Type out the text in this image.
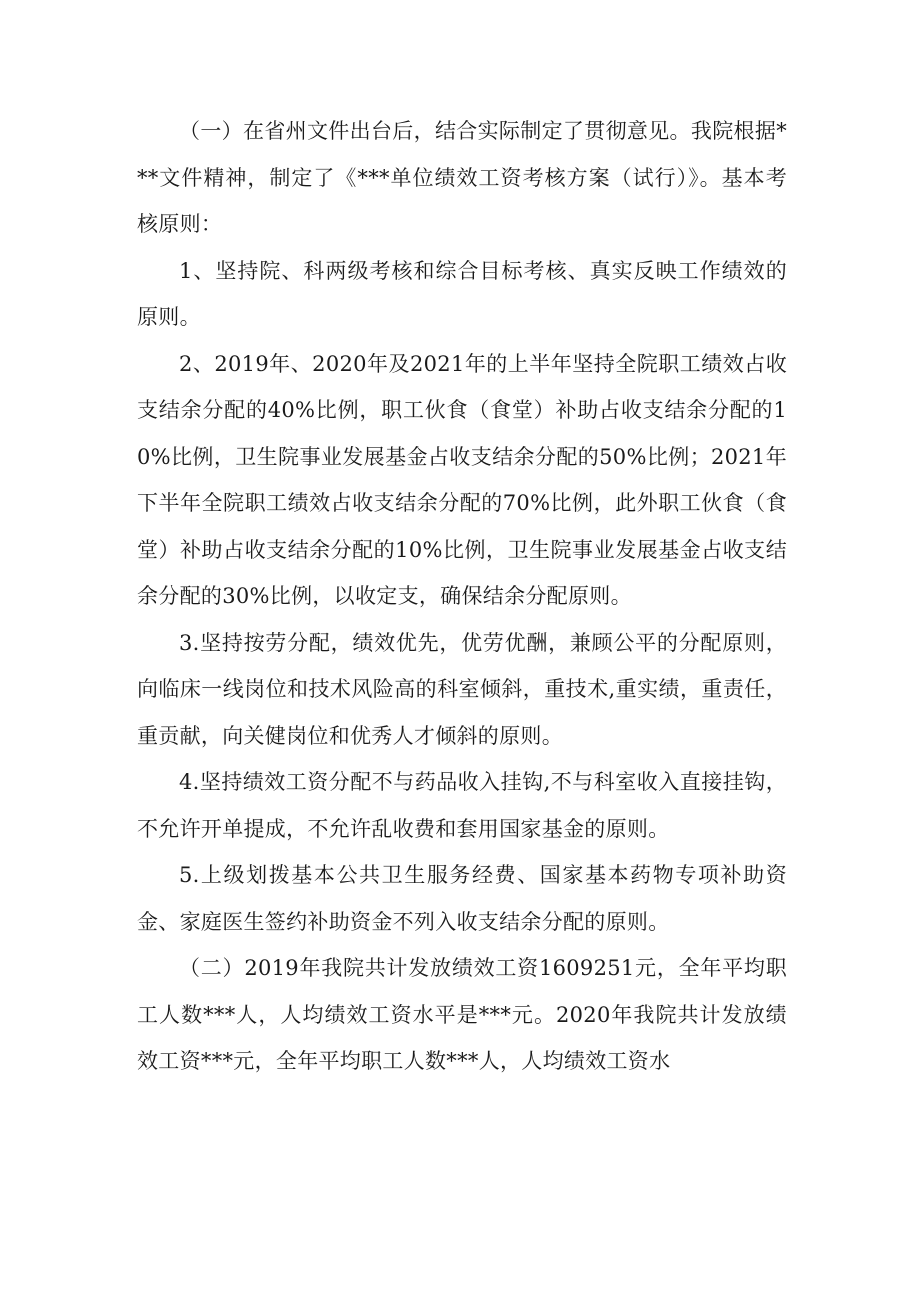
（一）在省州文件出台后，结合实际制定了贯彻意见。我院根据***文件精神，制定了《***单位绩效工资考核方案（试行）》。基本考核原则：

1、坚持院、科两级考核和综合目标考核、真实反映工作绩效的原则。

2、2019年、2020年及2021年的上半年坚持全院职工绩效占收支结余分配的40%比例，职工伙食（食堂）补助占收支结余分配的10%比例，卫生院事业发展基金占收支结余分配的50%比例；2021年下半年全院职工绩效占收支结余分配的70%比例，此外职工伙食（食堂）补助占收支结余分配的10%比例，卫生院事业发展基金占收支结余分配的30%比例，以收定支，确保结余分配原则。

3.坚持按劳分配，绩效优先，优劳优酬，兼顾公平的分配原则，向临床一线岗位和技术风险高的科室倾斜，重技术,重实绩，重责任，重贡献，向关健岗位和优秀人才倾斜的原则。

4.坚持绩效工资分配不与药品收入挂钩,不与科室收入直接挂钩，不允许开单提成，不允许乱收费和套用国家基金的原则。

5.上级划拨基本公共卫生服务经费、国家基本药物专项补助资金、家庭医生签约补助资金不列入收支结余分配的原则。

（二）2019年我院共计发放绩效工资1609251元，全年平均职工人数***人，人均绩效工资水平是***元。2020年我院共计发放绩效工资***元，全年平均职工人数***人，人均绩效工资水
